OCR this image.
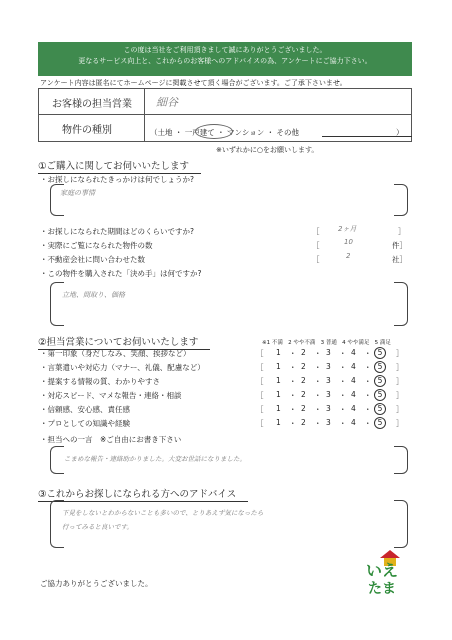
この度は当社をご利用頂きまして誠にありがとうございました。
更なるサービス向上と、これからのお客様へのアドバイスの為、アンケートにご協力下さい。
アンケート内容は匿名にてホームページに掲載させて頂く場合がございます。ご了承下さいませ。
お客様の担当営業 細谷
物件の種別	（土地 ・ 一戸建て ・ マンション ・ その他	）
※いずれかに○をお願いします。
①ご購入に関してお伺いいたします
・お探しになられたきっかけは何でしょうか?
家庭の事情
・お探しになられた期間はどのくらいですか?	［	2ヶ月	］
・実際にご覧になられた物件の数	［	10	件］
・不動産会社に問い合わせた数	［	2	社］
・この物件を購入された「決め手」は何ですか?
立地、間取り、価格
②担当営業についてお伺いいたします	※1 不満 2 やや不満 3 普通 4 やや満足 5 満足
・第一印象（身だしなみ、笑顔、挨拶など）	［ 1 ・ 2 ・ 3 ・ 4 ・ 5	］
・言葉遣いや対応力（マナー、礼儀、配慮など）	［ 1 ・ 2 ・ 3 ・ 4 ・ 5	］
・提案する情報の質、わかりやすさ	［ 1 ・ 2 ・ 3 ・ 4 ・ 5	］
・対応スピード、マメな報告・連絡・相談	［ 1 ・ 2 ・ 3 ・ 4 ・ 5	］
・信頼感、安心感、責任感	［ 1 ・ 2 ・ 3 ・ 4 ・ 5	］
・プロとしての知識や経験	［ 1 ・ 2 ・ 3 ・ 4 ・ 5	］
・担当への一言　※ご自由にお書き下さい
こまめな報告・連絡助かりました。大変お世話になりました。
③これからお探しになられる方へのアドバイス
下見をしないとわからないことも多いので、とりあえず気になったら
行ってみると良いです。
ご協力ありがとうございました。
いえ
たま
